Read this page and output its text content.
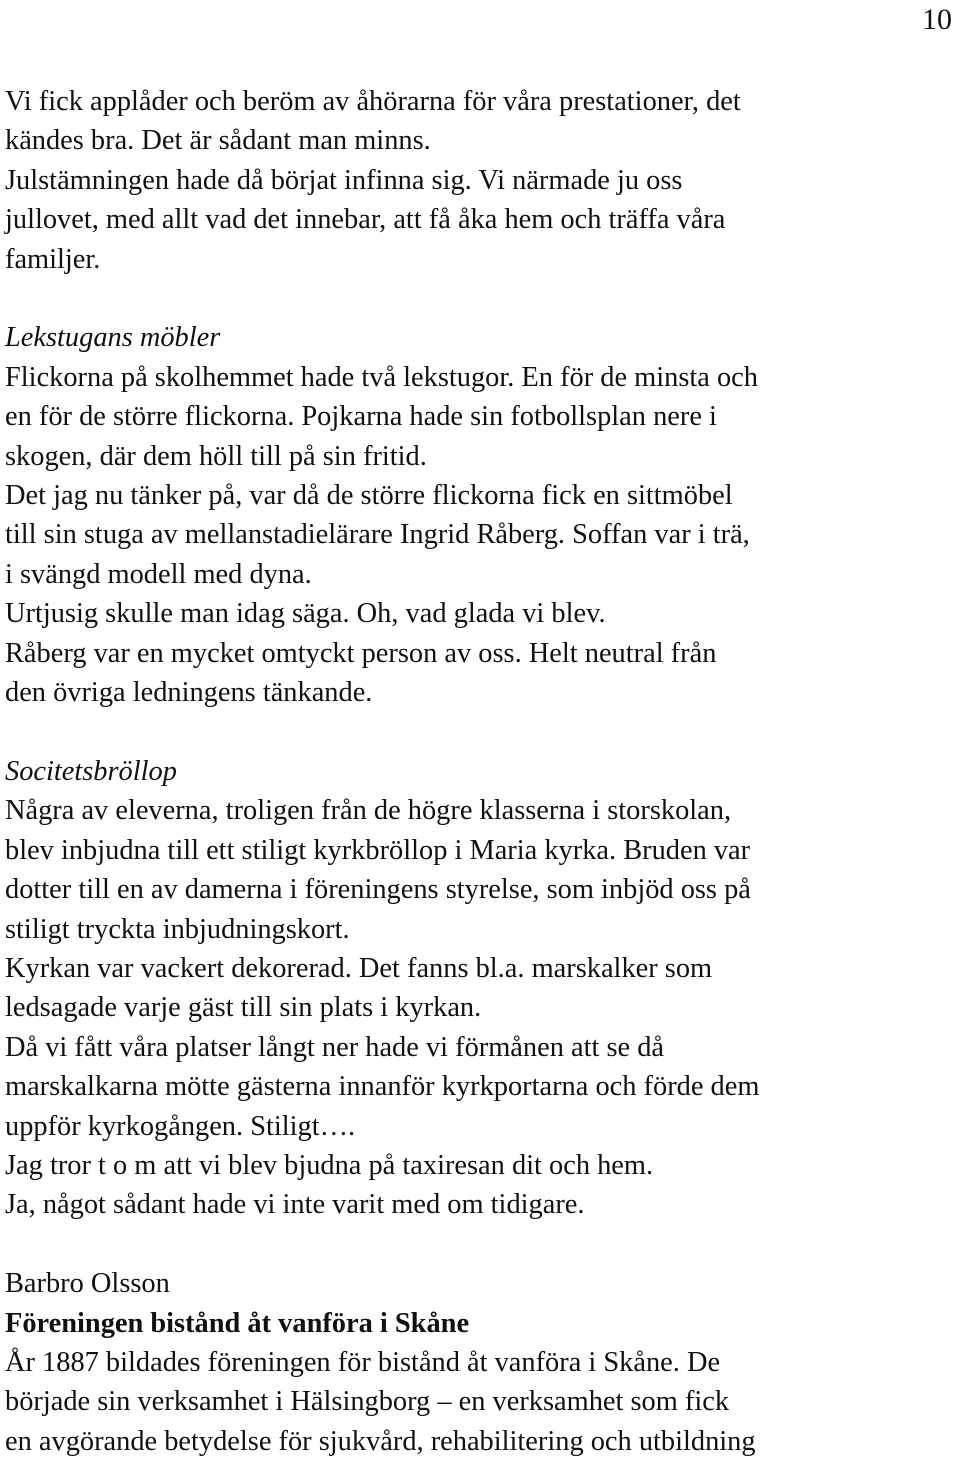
10
Vi fick applåder och beröm av åhörarna för våra prestationer, det
kändes bra. Det är sådant man minns.
Julstämningen hade då börjat infinna sig. Vi närmade ju oss
jullovet, med allt vad det innebar, att få åka hem och träffa våra
familjer.
Lekstugans möbler
Flickorna på skolhemmet hade två lekstugor. En för de minsta och
en för de större flickorna. Pojkarna hade sin fotbollsplan nere i
skogen, där dem höll till på sin fritid.
Det jag nu tänker på, var då de större flickorna fick en sittmöbel
till sin stuga av mellanstadielärare Ingrid Råberg. Soffan var i trä,
i svängd modell med dyna.
Urtjusig skulle man idag säga. Oh, vad glada vi blev.
Råberg var en mycket omtyckt person av oss. Helt neutral från
den övriga ledningens tänkande.
Socitetsbröllop
Några av eleverna, troligen från de högre klasserna i storskolan,
blev inbjudna till ett stiligt kyrkbröllop i Maria kyrka. Bruden var
dotter till en av damerna i föreningens styrelse, som inbjöd oss på
stiligt tryckta inbjudningskort.
Kyrkan var vackert dekorerad. Det fanns bl.a. marskalker som
ledsagade varje gäst till sin plats i kyrkan.
Då vi fått våra platser långt ner hade vi förmånen att se då
marskalkarna mötte gästerna innanför kyrkportarna och förde dem
uppför kyrkogången. Stiligt….
Jag tror t o m att vi blev bjudna på taxiresan dit och hem.
Ja, något sådant hade vi inte varit med om tidigare.
Barbro Olsson
Föreningen bistånd åt vanföra i Skåne
År 1887 bildades föreningen för bistånd åt vanföra i Skåne. De
började sin verksamhet i Hälsingborg – en verksamhet som fick
en avgörande betydelse för sjukvård, rehabilitering och utbildning
